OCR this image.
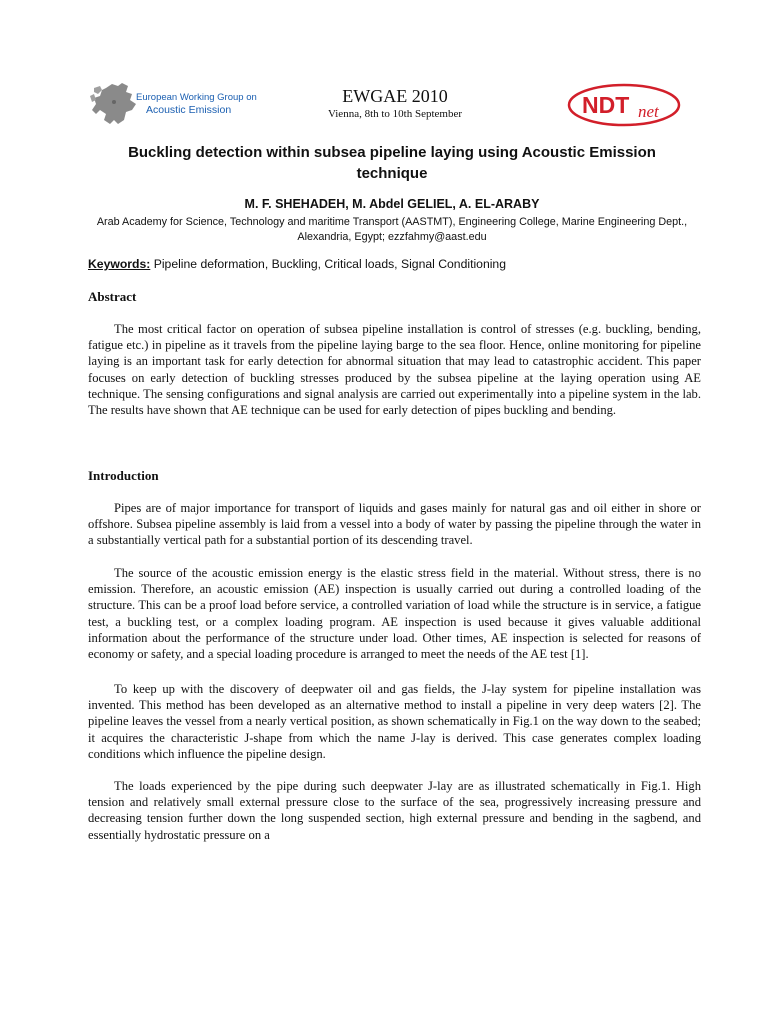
European Working Group on
Acoustic Emission
EWGAE 2010
Vienna, 8th to 10th September	NDT net
Buckling detection within subsea pipeline laying using Acoustic Emission technique
M. F. SHEHADEH, M. Abdel GELIEL, A. EL-ARABY
Arab Academy for Science, Technology and maritime Transport (AASTMT), Engineering College, Marine Engineering Dept., Alexandria, Egypt; ezzfahmy@aast.edu
Keywords: Pipeline deformation, Buckling, Critical loads, Signal Conditioning
Abstract

The most critical factor on operation of subsea pipeline installation is control of stresses (e.g. buckling, bending, fatigue etc.) in pipeline as it travels from the pipeline laying barge to the sea floor. Hence, online monitoring for pipeline laying is an important task for early detection for abnormal situation that may lead to catastrophic accident. This paper focuses on early detection of buckling stresses produced by the subsea pipeline at the laying operation using AE technique. The sensing configurations and signal analysis are carried out experimentally into a pipeline system in the lab. The results have shown that AE technique can be used for early detection of pipes buckling and bending.

Introduction

Pipes are of major importance for transport of liquids and gases mainly for natural gas and oil either in shore or offshore. Subsea pipeline assembly is laid from a vessel into a body of water by passing the pipeline through the water in a substantially vertical path for a substantial portion of its descending travel.

The source of the acoustic emission energy is the elastic stress field in the material. Without stress, there is no emission. Therefore, an acoustic emission (AE) inspection is usually carried out during a controlled loading of the structure. This can be a proof load before service, a controlled variation of load while the structure is in service, a fatigue test, a buckling test, or a complex loading program. AE inspection is used because it gives valuable additional information about the performance of the structure under load. Other times, AE inspection is selected for reasons of economy or safety, and a special loading procedure is arranged to meet the needs of the AE test [1].

To keep up with the discovery of deepwater oil and gas fields, the J-lay system for pipeline installation was invented. This method has been developed as an alternative method to install a pipeline in very deep waters [2]. The pipeline leaves the vessel from a nearly vertical position, as shown schematically in Fig.1 on the way down to the seabed; it acquires the characteristic J-shape from which the name J-lay is derived. This case generates complex loading conditions which influence the pipeline design.

The loads experienced by the pipe during such deepwater J-lay are as illustrated schematically in Fig.1. High tension and relatively small external pressure close to the surface of the sea, progressively increasing pressure and decreasing tension further down the long suspended section, high external pressure and bending in the sagbend, and essentially hydrostatic pressure on a
